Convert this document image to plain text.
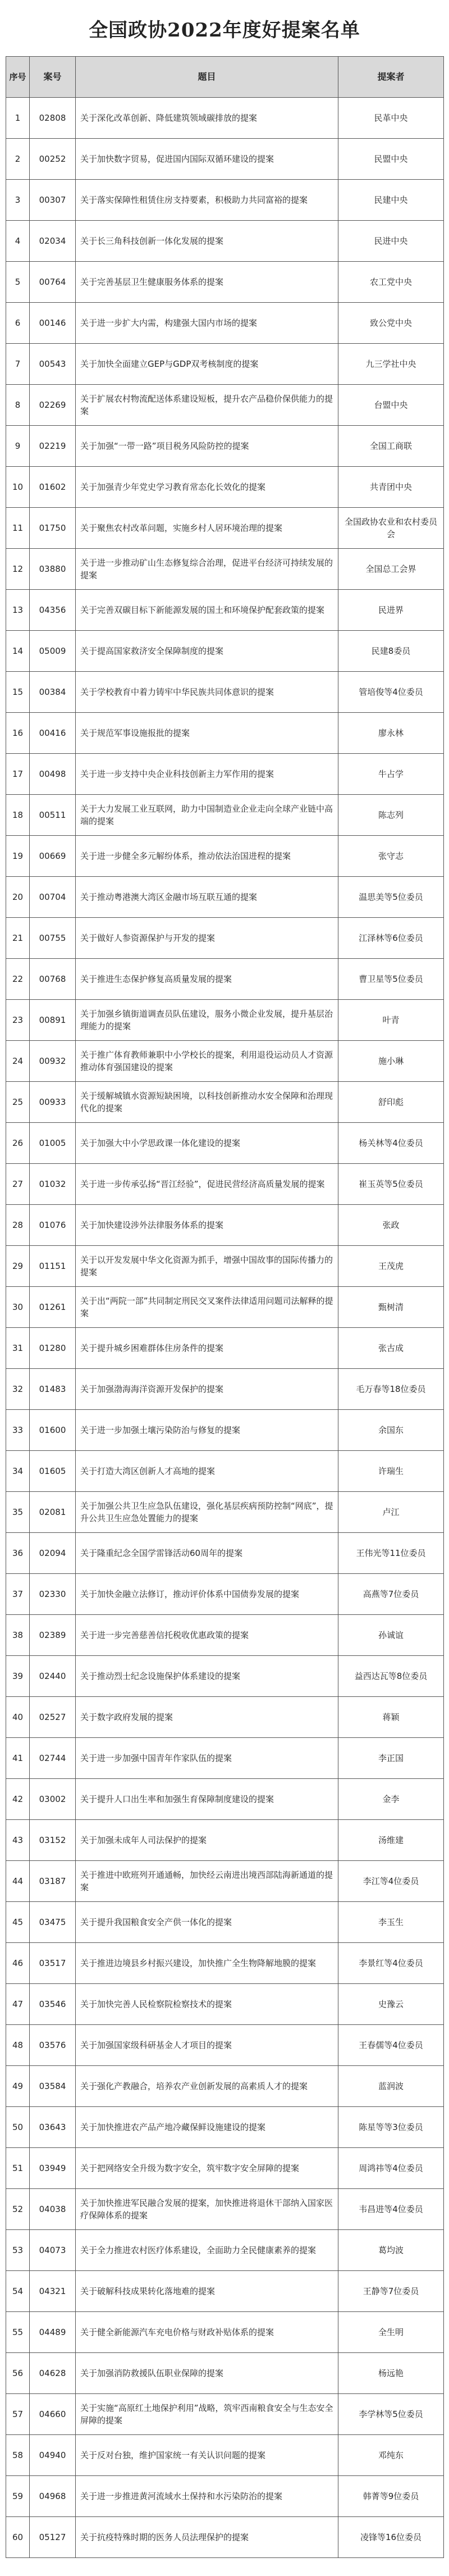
全国政协2022年度好提案名单
序号	案号	题目	提案者
1	02808	关于深化改革创新、降低建筑领域碳排放的提案	民革中央
2	00252	关于加快数字贸易，促进国内国际双循环建设的提案	民盟中央
3	00307	关于落实保障性租赁住房支持要素，积极助力共同富裕的提案	民建中央
4	02034	关于长三角科技创新一体化发展的提案	民进中央
5	00764	关于完善基层卫生健康服务体系的提案	农工党中央
6	00146	关于进一步扩大内需，构建强大国内市场的提案	致公党中央
7	00543	关于加快全面建立GEP与GDP双考核制度的提案	九三学社中央
8	02269	关于扩展农村物流配送体系建设短板，提升农产品稳价保供能力的提案	台盟中央
9	02219	关于加强“一带一路”项目税务风险防控的提案	全国工商联
10	01602	关于加强青少年党史学习教育常态化长效化的提案	共青团中央
11	01750	关于聚焦农村改革问题，实施乡村人居环境治理的提案	全国政协农业和农村委员会
12	03880	关于进一步推动矿山生态修复综合治理，促进平台经济可持续发展的提案	全国总工会界
13	04356	关于完善双碳目标下新能源发展的国土和环境保护配套政策的提案	民进界
14	05009	关于提高国家救济安全保障制度的提案	民建8委员
15	00384	关于学校教育中着力铸牢中华民族共同体意识的提案	管培俊等4位委员
16	00416	关于规范军事设施报批的提案	廖永林
17	00498	关于进一步支持中央企业科技创新主力军作用的提案	牛占学
18	00511	关于大力发展工业互联网，助力中国制造业企业走向全球产业链中高端的提案	陈志列
19	00669	关于进一步健全多元解纷体系，推动依法治国进程的提案	张守志
20	00704	关于推动粤港澳大湾区金融市场互联互通的提案	温思美等5位委员
21	00755	关于做好人参资源保护与开发的提案	江泽林等6位委员
22	00768	关于推进生态保护修复高质量发展的提案	曹卫星等5位委员
23	00891	关于加强乡镇街道调查员队伍建设，服务小微企业发展，提升基层治理能力的提案	叶青
24	00932	关于推广体育教师兼职中小学校长的提案，利用退役运动员人才资源推动体育强国建设的提案	施小琳
25	00933	关于缓解城镇水资源短缺困境，以科技创新推动水安全保障和治理现代化的提案	舒印彪
26	01005	关于加强大中小学思政课一体化建设的提案	杨关林等4位委员
27	01032	关于进一步传承弘扬“晋江经验”，促进民营经济高质量发展的提案	崔玉英等5位委员
28	01076	关于加快建设涉外法律服务体系的提案	张政
29	01151	关于以开发发展中华文化资源为抓手，增强中国故事的国际传播力的提案	王茂虎
30	01261	关于出“两院一部”共同制定刑民交叉案件法律适用问题司法解释的提案	甄树清
31	01280	关于提升城乡困难群体住房条件的提案	张古成
32	01483	关于加强渤海海洋资源开发保护的提案	毛万春等18位委员
33	01600	关于进一步加强土壤污染防治与修复的提案	余国东
34	01605	关于打造大湾区创新人才高地的提案	许瑞生
35	02081	关于加强公共卫生应急队伍建设，强化基层疾病预防控制“网底”，提升公共卫生应急处置能力的提案	卢江
36	02094	关于隆重纪念全国学雷锋活动60周年的提案	王伟光等11位委员
37	02330	关于加快金融立法修订，推动评价体系中国债券发展的提案	高燕等7位委员
38	02389	关于进一步完善慈善信托税收优惠政策的提案	孙诚谊
39	02440	关于推动烈士纪念设施保护体系建设的提案	益西达瓦等8位委员
40	02527	关于数字政府发展的提案	蒋颖
41	02744	关于进一步加强中国青年作家队伍的提案	李正国
42	03002	关于提升人口出生率和加强生育保障制度建设的提案	金李
43	03152	关于加强未成年人司法保护的提案	汤维建
44	03187	关于推进中欧班列开通通畅，加快经云南进出境西部陆海新通道的提案	李江等4位委员
45	03475	关于提升我国粮食安全产供一体化的提案	李玉生
46	03517	关于推进边境县乡村振兴建设，加快推广全生物降解地膜的提案	李景红等4位委员
47	03546	关于加快完善人民检察院检察技术的提案	史豫云
48	03576	关于加强国家级科研基金人才项目的提案	王春儒等4位委员
49	03584	关于强化产教融合，培养农产业创新发展的高素质人才的提案	蓝润波
50	03643	关于加快推进农产品产地冷藏保鲜设施建设的提案	陈星等等3位委员
51	03949	关于把网络安全升级为数字安全，筑牢数字安全屏障的提案	周鸿祎等4位委员
52	04038	关于加快推进军民融合发展的提案，加快推进将退休干部纳入国家医疗保障体系的提案	韦昌进等4位委员
53	04073	关于全力推进农村医疗体系建设，全面助力全民健康素养的提案	葛均波
54	04321	关于破解科技成果转化落地难的提案	王静等7位委员
55	04489	关于健全新能源汽车充电价格与财政补贴体系的提案	全生明
56	04628	关于加强消防救援队伍职业保障的提案	杨远艳
57	04660	关于实施“高原红土地保护利用”战略，筑牢西南粮食安全与生态安全屏障的提案	李学林等5位委员
58	04940	关于反对台独，维护国家统一有关认识问题的提案	邓纯东
59	04968	关于进一步推进黄河流域水土保持和水污染防治的提案	韩菁等9位委员
60	05127	关于抗疫特殊时期的医务人员法理保护的提案	凌锋等16位委员
